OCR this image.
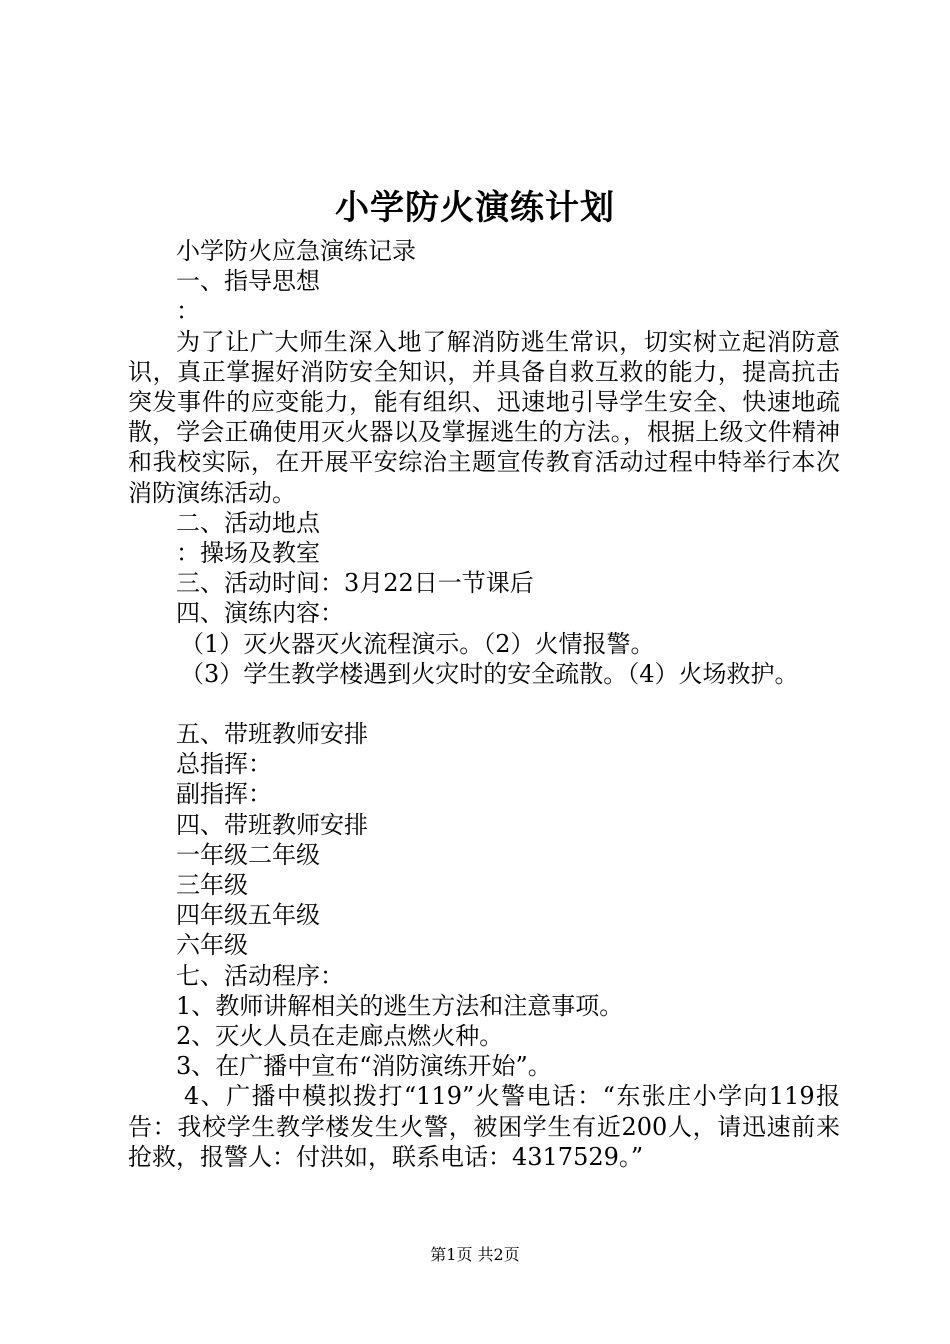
小学防火演练计划
小学防火应急演练记录
一、指导思想
：
为了让广大师生深入地了解消防逃生常识，切实树立起消防意识，真正掌握好消防安全知识，并具备自救互救的能力，提高抗击突发事件的应变能力，能有组织、迅速地引导学生安全、快速地疏散，学会正确使用灭火器以及掌握逃生的方法。，根据上级文件精神和我校实际，在开展平安综治主题宣传教育活动过程中特举行本次消防演练活动。
二、活动地点
：操场及教室
三、活动时间：3月22日一节课后
四、演练内容：
（1）灭火器灭火流程演示。（2）火情报警。
（3）学生教学楼遇到火灾时的安全疏散。（4）火场救护。
五、带班教师安排
总指挥：
副指挥：
四、带班教师安排
一年级二年级
三年级
四年级五年级
六年级
七、活动程序：
1、教师讲解相关的逃生方法和注意事项。
2、灭火人员在走廊点燃火种。
3、在广播中宣布“消防演练开始”。
4、广播中模拟拨打“119”火警电话：“东张庄小学向119报告：我校学生教学楼发生火警，被困学生有近200人，请迅速前来抢救，报警人：付洪如，联系电话：4317529。”
第1页 共2页
